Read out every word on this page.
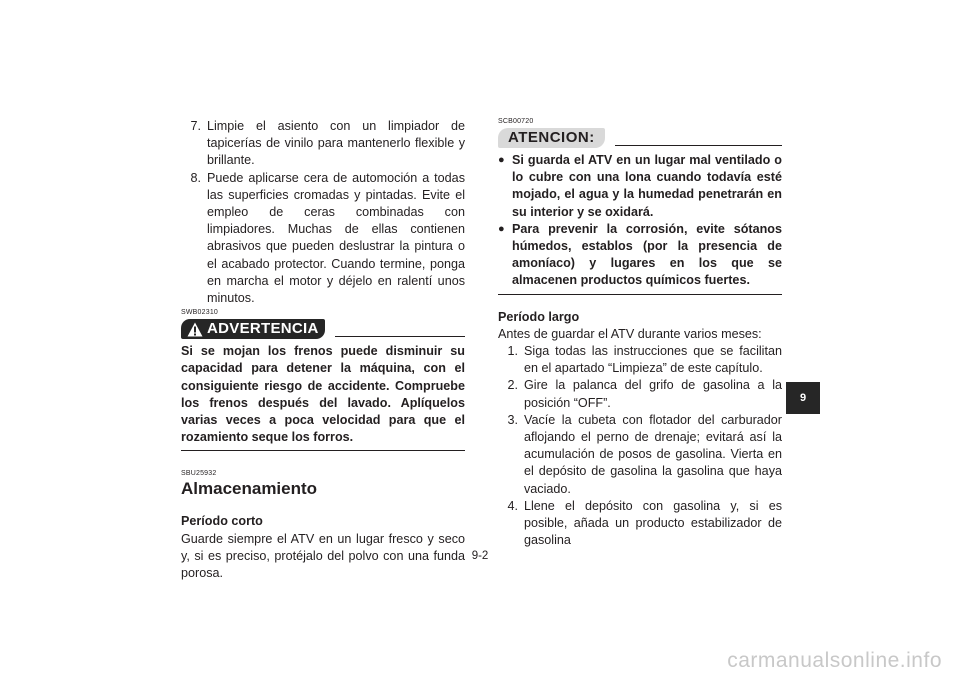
7. Limpie el asiento con un limpiador de tapicerías de vinilo para mantenerlo flexible y brillante.
8. Puede aplicarse cera de automoción a todas las superficies cromadas y pintadas. Evite el empleo de ceras combinadas con limpiadores. Muchas de ellas contienen abrasivos que pueden deslustrar la pintura o el acabado protector. Cuando termine, ponga en marcha el motor y déjelo en ralentí unos minutos.
SWB02310
ADVERTENCIA
Si se mojan los frenos puede disminuir su capacidad para detener la máquina, con el consiguiente riesgo de accidente. Compruebe los frenos después del lavado. Aplíquelos varias veces a poca velocidad para que el rozamiento seque los forros.
SBU25932
Almacenamiento
Período corto
Guarde siempre el ATV en un lugar fresco y seco y, si es preciso, protéjalo del polvo con una funda porosa.
SCB00720
ATENCION:
● Si guarda el ATV en un lugar mal ventilado o lo cubre con una lona cuando todavía esté mojado, el agua y la humedad penetrarán en su interior y se oxidará.
● Para prevenir la corrosión, evite sótanos húmedos, establos (por la presencia de amoníaco) y lugares en los que se almacenen productos químicos fuertes.
Período largo
Antes de guardar el ATV durante varios meses:
1. Siga todas las instrucciones que se facilitan en el apartado “Limpieza” de este capítulo.
2. Gire la palanca del grifo de gasolina a la posición “OFF”.
3. Vacíe la cubeta con flotador del carburador aflojando el perno de drenaje; evitará así la acumulación de posos de gasolina. Vierta en el depósito de gasolina la gasolina que haya vaciado.
4. Llene el depósito con gasolina y, si es posible, añada un producto estabilizador de gasolina
9
9-2
carmanualsonline.info
